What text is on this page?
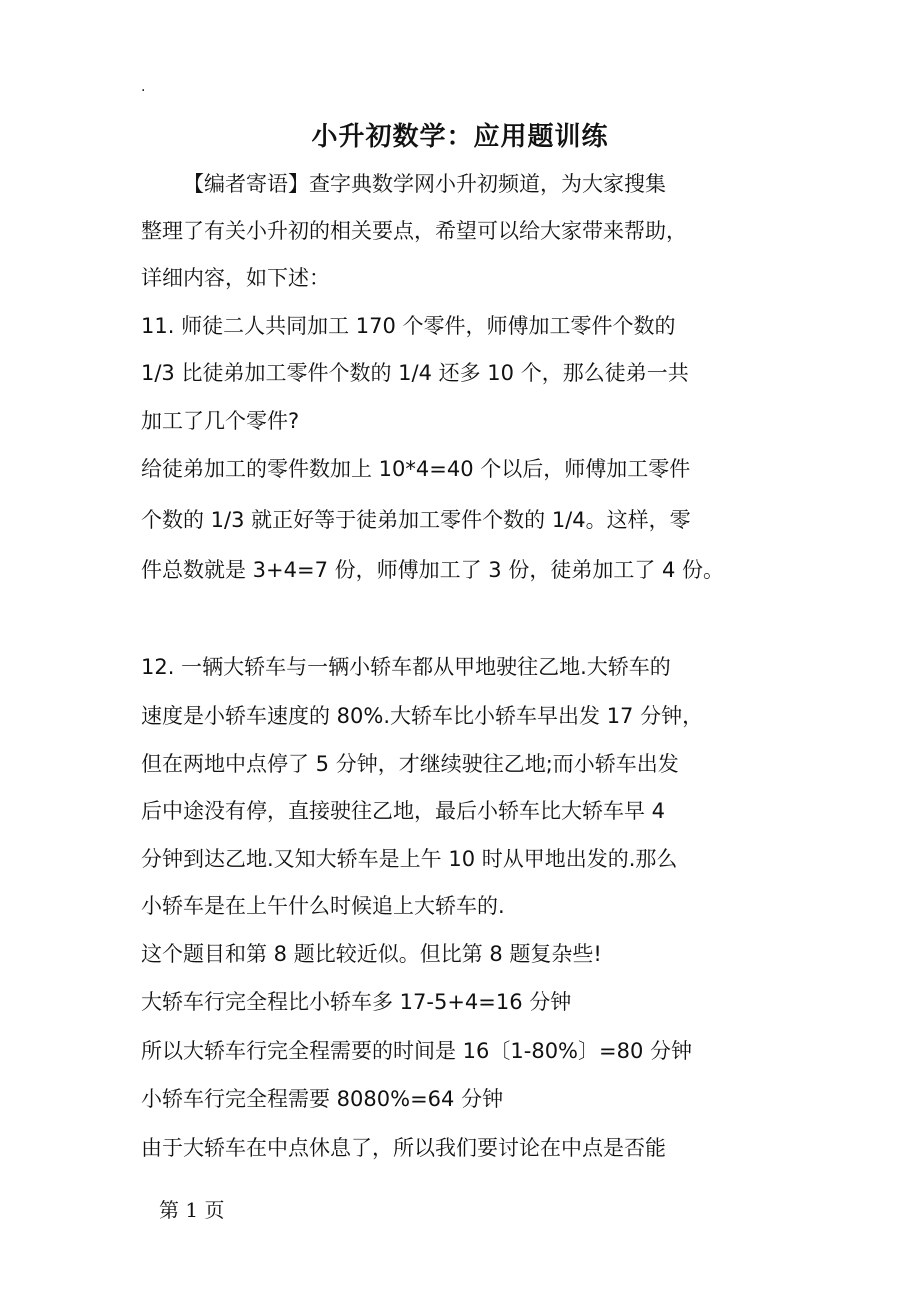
.
小升初数学：应用题训练
【编者寄语】查字典数学网小升初频道，为大家搜集
整理了有关小升初的相关要点，希望可以给大家带来帮助，
详细内容，如下述：
11. 师徒二人共同加工 170 个零件，师傅加工零件个数的
1/3 比徒弟加工零件个数的 1/4 还多 10 个，那么徒弟一共
加工了几个零件?
给徒弟加工的零件数加上 10*4=40 个以后，师傅加工零件
个数的 1/3 就正好等于徒弟加工零件个数的 1/4。这样，零
件总数就是 3+4=7 份，师傅加工了 3 份，徒弟加工了 4 份。
12. 一辆大轿车与一辆小轿车都从甲地驶往乙地.大轿车的
速度是小轿车速度的 80%.大轿车比小轿车早出发 17 分钟，
但在两地中点停了 5 分钟，才继续驶往乙地;而小轿车出发
后中途没有停，直接驶往乙地，最后小轿车比大轿车早 4
分钟到达乙地.又知大轿车是上午 10 时从甲地出发的.那么
小轿车是在上午什么时候追上大轿车的.
这个题目和第 8 题比较近似。但比第 8 题复杂些!
大轿车行完全程比小轿车多 17-5+4=16 分钟
所以大轿车行完全程需要的时间是 16〔1-80%〕=80 分钟
小轿车行完全程需要 8080%=64 分钟
由于大轿车在中点休息了，所以我们要讨论在中点是否能
第 1 页
